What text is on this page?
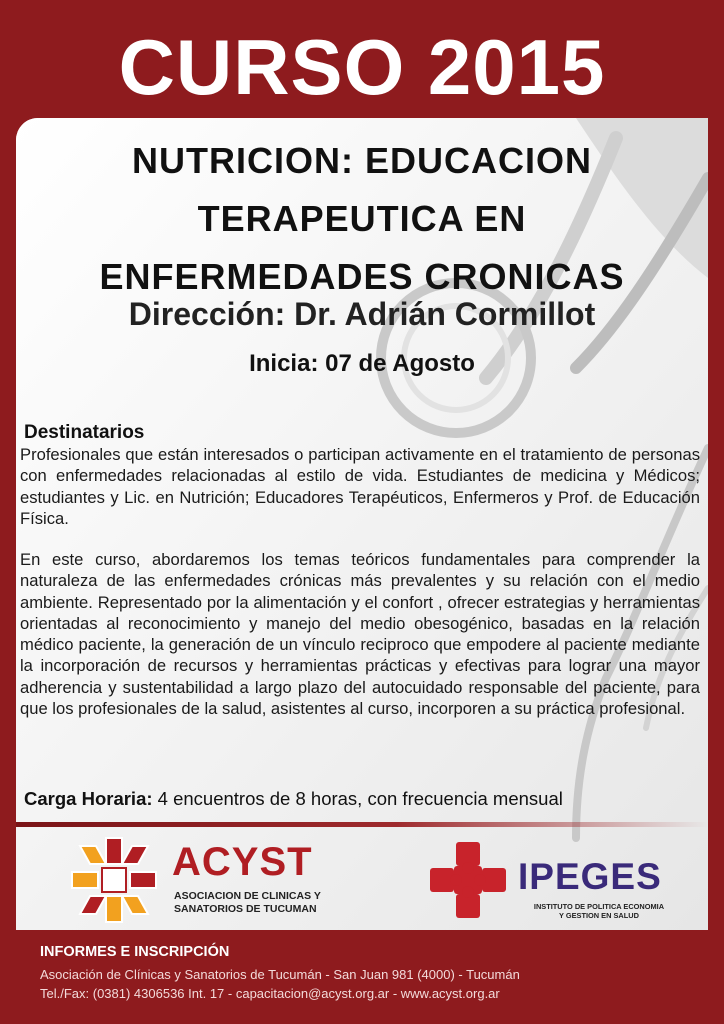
CURSO 2015
NUTRICION: EDUCACION
TERAPEUTICA EN
ENFERMEDADES CRONICAS
Dirección: Dr. Adrián Cormillot
Inicia: 07 de Agosto
Destinatarios
Profesionales que están interesados o participan activamente en el tratamiento de personas con enfermedades relacionadas al estilo de vida. Estudiantes de medicina y Médicos; estudiantes y Lic. en Nutrición; Educadores Terapéuticos, Enfermeros y Prof. de Educación Física.
En este curso, abordaremos los temas teóricos fundamentales para comprender la naturaleza de las enfermedades crónicas más prevalentes y su relación con el medio ambiente. Representado por la alimentación y el confort , ofrecer estrategias y herramientas orientadas al reconocimiento y manejo del medio obesogénico, basadas en la relación médico paciente, la generación de un vínculo reciproco que empodere al paciente mediante la incorporación de recursos y herramientas prácticas y efectivas para lograr una mayor adherencia y sustentabilidad a largo plazo del autocuidado responsable del paciente, para que los profesionales de la salud, asistentes al curso, incorporen a su práctica profesional.
Carga Horaria: 4 encuentros de 8 horas, con frecuencia mensual
ACYST
ASOCIACION DE CLINICAS Y
SANATORIOS DE TUCUMAN
IPEGES
INSTITUTO DE POLITICA ECONOMIA
Y GESTION EN SALUD
INFORMES E INSCRIPCIÓN
Asociación de Clínicas y Sanatorios de Tucumán - San Juan 981 (4000) - Tucumán
Tel./Fax: (0381) 4306536 Int. 17 - capacitacion@acyst.org.ar - www.acyst.org.ar
